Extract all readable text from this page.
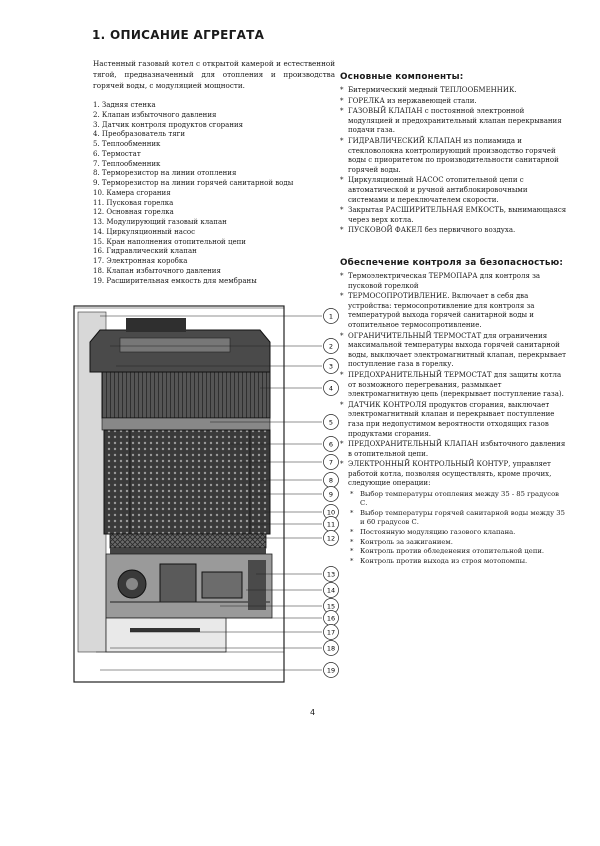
1. ОПИСАНИЕ АГРЕГАТА
Настенный газовый котел с открытой камерой и естественной тягой, предназначенный для отопления и производства горячей воды, с модуляцией мощности.
1. Задняя стенка
2. Клапан избыточного давления
3. Датчик контроля продуктов сгорания
4. Преобразователь тяги
5. Теплообменник
6. Термостат
7. Теплообменник
8. Терморезистор на линии отопления
9. Терморезистор на линии горячей санитарной воды
10. Камера сгорания
11. Пусковая горелка
12. Основная горелка
13. Модулирующий газовый клапан
14. Циркуляционный насос
15. Кран наполнения отопительной цепи
16. Гидравлический клапан
17. Электронная коробка
18. Клапан избыточного давления
19. Расширительная емкость для мембраны
Основные компоненты:
* Битермический медный ТЕПЛООБМЕННИК.
* ГОРЕЛКА из нержавеющей стали.
* ГАЗОВЫЙ КЛАПАН с постоянной электронной модуляцией и предохранительный клапан перекрывания подачи газа.
* ГИДРАВЛИЧЕСКИЙ КЛАПАН из полиамида и стекловолокна контролирующий производство горячей воды с приоритетом по производительности санитарной горячей воды.
* Циркуляционный НАСОС отопительной цепи с автоматической и ручной антиблокировочными системами и переключателем скорости.
* Закрытая РАСШИРИТЕЛЬНАЯ ЕМКОСТЬ, вынимающаяся через верх котла.
* ПУСКОВОЙ ФАКЕЛ без первичного воздуха.
Обеспечение контроля за безопасностью:
* Термоэлектрическая ТЕРМОПАРА для контроля за пусковой горелкой
* ТЕРМОСОПРОТИВЛЕНИЕ. Включает в себя два устройства: термосопротивление для контроля за температурой выхода горячей санитарной воды и отопительное термосопротивление.
* ОГРАНИЧИТЕЛЬНЫЙ ТЕРМОСТАТ для ограничения максимальной температуры выхода горячей санитарной воды, выключает электромагнитный клапан, перекрывает поступление газа в горелку.
* ПРЕДОХРАНИТЕЛЬНЫЙ ТЕРМОСТАТ для защиты котла от возможного перегревания, размыкает электромагнитную цепь (перекрывает поступление газа).
* ДАТЧИК КОНТРОЛЯ продуктов сгорания, выключает электромагнитный клапан и перекрывает поступление газа при недопустимом вероятности отходящих газов продуктами сгорания.
* ПРЕДОХРАНИТЕЛЬНЫЙ КЛАПАН избыточного давления в отопительной цепи.
* ЭЛЕКТРОННЫЙ КОНТРОЛЬНЫЙ КОНТУР, управляет работой котла, позволяя осуществлять, кроме прочих, следующие операции:
* Выбор температуры отопления между 35 - 85 градусов С.
* Выбор температуры горячей санитарной воды между 35 и 60 градусов С.
* Постоянную модуляцию газового клапана.
* Контроль за зажиганием.
* Контроль против обледенения отопительной цепи.
* Контроль против выхода из строя мотопомпы.
1
2
3
4
5
6
7
8
9
10
11
12
13
14
15
16
17
18
19
4
